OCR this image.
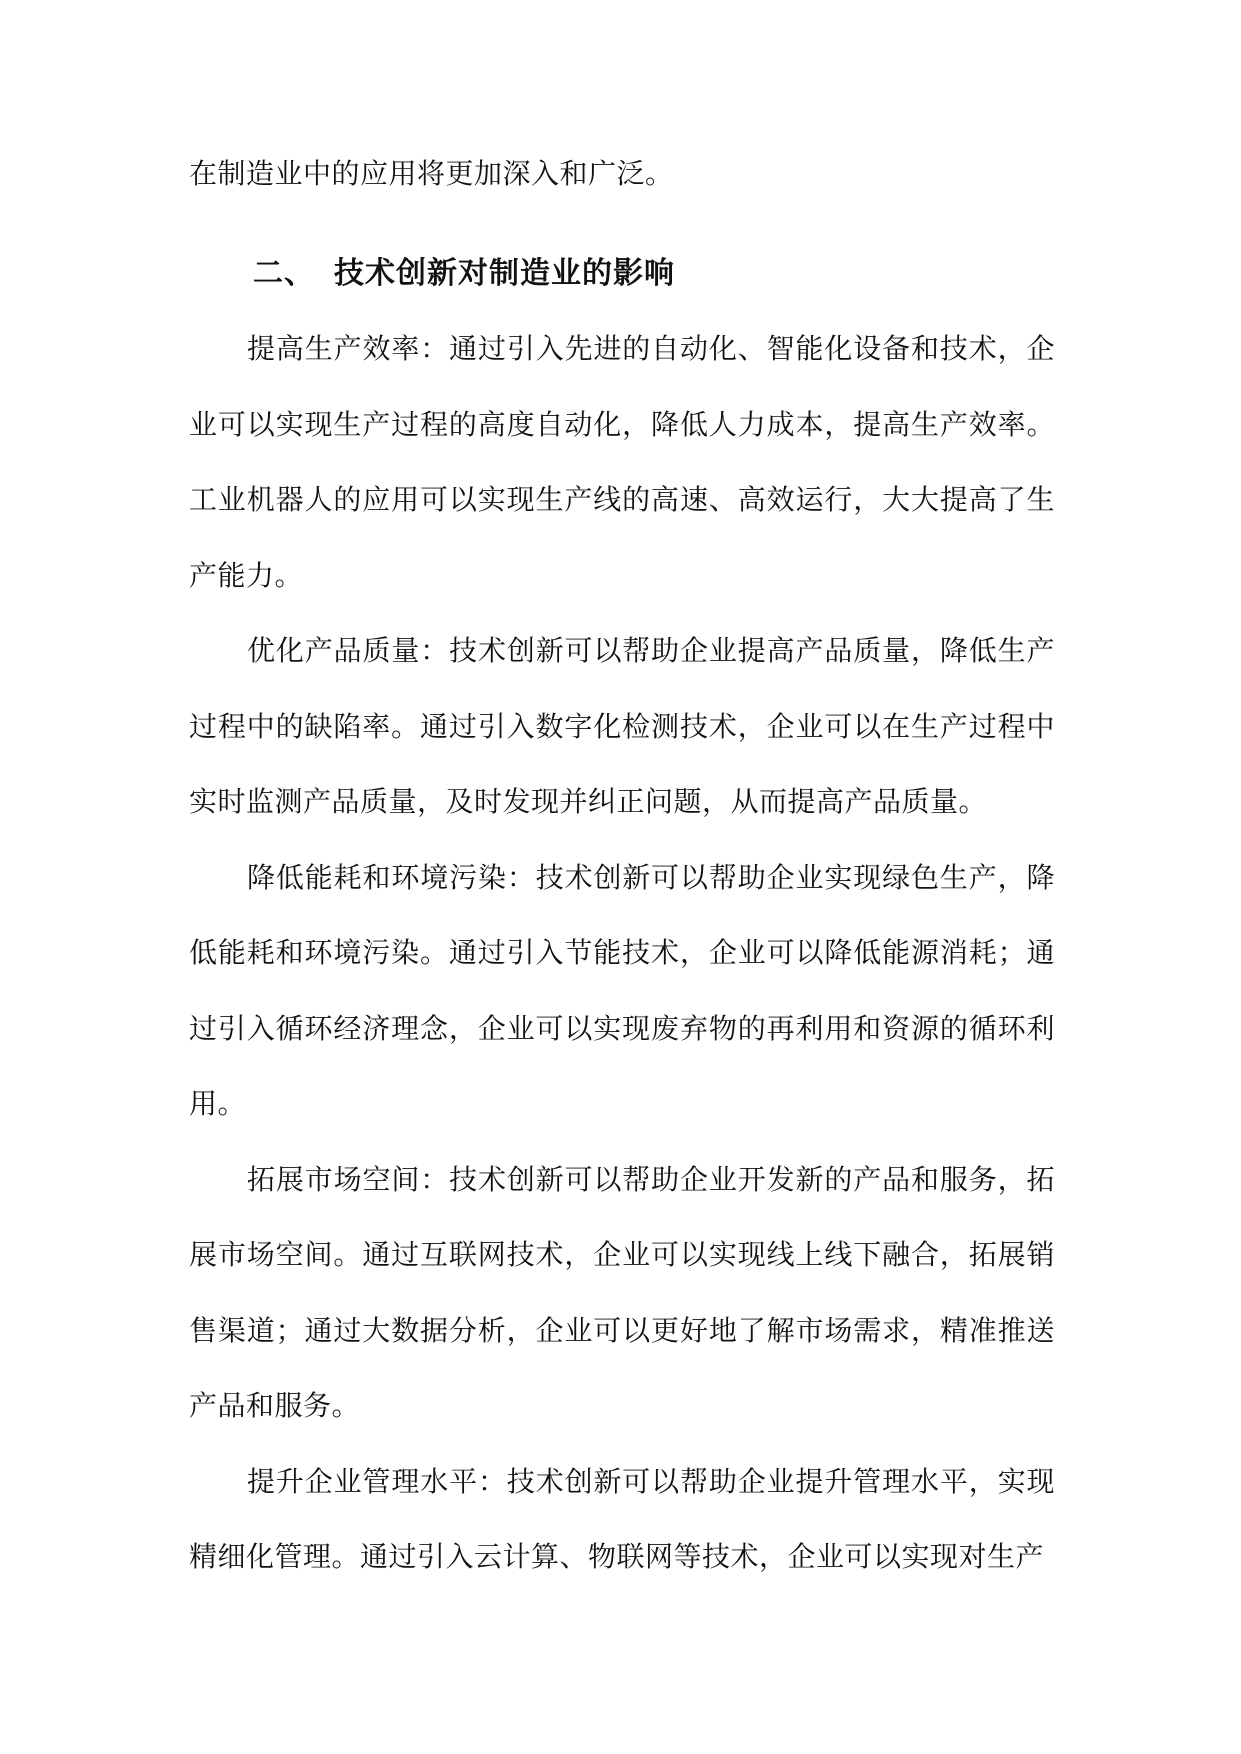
在制造业中的应用将更加深入和广泛。

二、 技术创新对制造业的影响

提高生产效率：通过引入先进的自动化、智能化设备和技术，企业可以实现生产过程的高度自动化，降低人力成本，提高生产效率。工业机器人的应用可以实现生产线的高速、高效运行，大大提高了生产能力。

优化产品质量：技术创新可以帮助企业提高产品质量，降低生产过程中的缺陷率。通过引入数字化检测技术，企业可以在生产过程中实时监测产品质量，及时发现并纠正问题，从而提高产品质量。

降低能耗和环境污染：技术创新可以帮助企业实现绿色生产，降低能耗和环境污染。通过引入节能技术，企业可以降低能源消耗；通过引入循环经济理念，企业可以实现废弃物的再利用和资源的循环利用。

拓展市场空间：技术创新可以帮助企业开发新的产品和服务，拓展市场空间。通过互联网技术，企业可以实现线上线下融合，拓展销售渠道；通过大数据分析，企业可以更好地了解市场需求，精准推送产品和服务。

提升企业管理水平：技术创新可以帮助企业提升管理水平，实现精细化管理。通过引入云计算、物联网等技术，企业可以实现对生产
